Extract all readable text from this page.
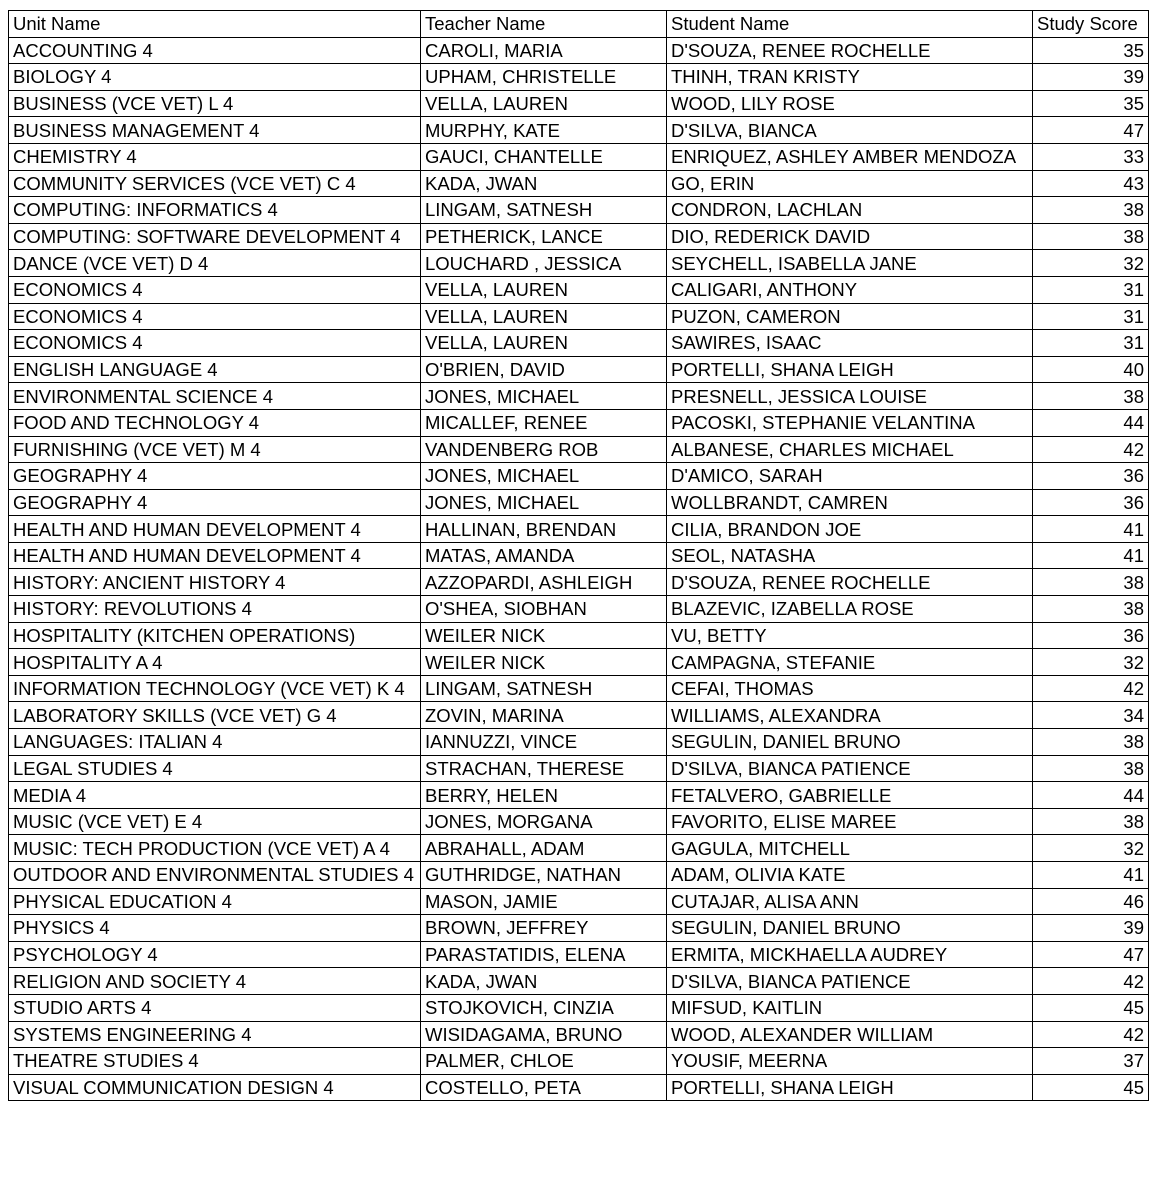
Unit Name	Teacher Name	Student Name	Study Score
ACCOUNTING 4	CAROLI, MARIA	D'SOUZA, RENEE ROCHELLE	35
BIOLOGY 4	UPHAM, CHRISTELLE	THINH, TRAN KRISTY	39
BUSINESS (VCE VET) L 4	VELLA, LAUREN	WOOD, LILY ROSE	35
BUSINESS MANAGEMENT 4	MURPHY, KATE	D'SILVA, BIANCA	47
CHEMISTRY 4	GAUCI, CHANTELLE	ENRIQUEZ, ASHLEY AMBER MENDOZA	33
COMMUNITY SERVICES (VCE VET) C 4	KADA, JWAN	GO, ERIN	43
COMPUTING: INFORMATICS 4	LINGAM, SATNESH	CONDRON, LACHLAN	38
COMPUTING: SOFTWARE DEVELOPMENT 4	PETHERICK, LANCE	DIO, REDERICK DAVID	38
DANCE (VCE VET) D 4	LOUCHARD , JESSICA	SEYCHELL, ISABELLA JANE	32
ECONOMICS 4	VELLA, LAUREN	CALIGARI, ANTHONY	31
ECONOMICS 4	VELLA, LAUREN	PUZON, CAMERON	31
ECONOMICS 4	VELLA, LAUREN	SAWIRES, ISAAC	31
ENGLISH LANGUAGE 4	O'BRIEN, DAVID	PORTELLI, SHANA LEIGH	40
ENVIRONMENTAL SCIENCE 4	JONES, MICHAEL	PRESNELL, JESSICA LOUISE	38
FOOD AND TECHNOLOGY 4	MICALLEF, RENEE	PACOSKI, STEPHANIE VELANTINA	44
FURNISHING (VCE VET) M 4	VANDENBERG ROB	ALBANESE, CHARLES MICHAEL	42
GEOGRAPHY 4	JONES, MICHAEL	D'AMICO, SARAH	36
GEOGRAPHY 4	JONES, MICHAEL	WOLLBRANDT, CAMREN	36
HEALTH AND HUMAN DEVELOPMENT 4	HALLINAN, BRENDAN	CILIA, BRANDON JOE	41
HEALTH AND HUMAN DEVELOPMENT 4	MATAS, AMANDA	SEOL, NATASHA	41
HISTORY: ANCIENT HISTORY 4	AZZOPARDI, ASHLEIGH	D'SOUZA, RENEE ROCHELLE	38
HISTORY: REVOLUTIONS 4	O'SHEA, SIOBHAN	BLAZEVIC, IZABELLA ROSE	38
HOSPITALITY (KITCHEN OPERATIONS)	WEILER NICK	VU, BETTY	36
HOSPITALITY A 4	WEILER NICK	CAMPAGNA, STEFANIE	32
INFORMATION TECHNOLOGY (VCE VET) K 4	LINGAM, SATNESH	CEFAI, THOMAS	42
LABORATORY SKILLS (VCE VET) G 4	ZOVIN, MARINA	WILLIAMS, ALEXANDRA	34
LANGUAGES: ITALIAN 4	IANNUZZI, VINCE	SEGULIN, DANIEL BRUNO	38
LEGAL STUDIES 4	STRACHAN, THERESE	D'SILVA, BIANCA PATIENCE	38
MEDIA 4	BERRY, HELEN	FETALVERO, GABRIELLE	44
MUSIC (VCE VET) E 4	JONES, MORGANA	FAVORITO, ELISE MAREE	38
MUSIC: TECH PRODUCTION (VCE VET) A 4	ABRAHALL, ADAM	GAGULA, MITCHELL	32
OUTDOOR AND ENVIRONMENTAL STUDIES 4	GUTHRIDGE, NATHAN	ADAM, OLIVIA KATE	41
PHYSICAL EDUCATION 4	MASON, JAMIE	CUTAJAR, ALISA ANN	46
PHYSICS 4	BROWN, JEFFREY	SEGULIN, DANIEL BRUNO	39
PSYCHOLOGY 4	PARASTATIDIS, ELENA	ERMITA, MICKHAELLA AUDREY	47
RELIGION AND SOCIETY 4	KADA, JWAN	D'SILVA, BIANCA PATIENCE	42
STUDIO ARTS 4	STOJKOVICH, CINZIA	MIFSUD, KAITLIN	45
SYSTEMS ENGINEERING 4	WISIDAGAMA, BRUNO	WOOD, ALEXANDER WILLIAM	42
THEATRE STUDIES 4	PALMER, CHLOE	YOUSIF, MEERNA	37
VISUAL COMMUNICATION DESIGN 4	COSTELLO, PETA	PORTELLI, SHANA LEIGH	45
